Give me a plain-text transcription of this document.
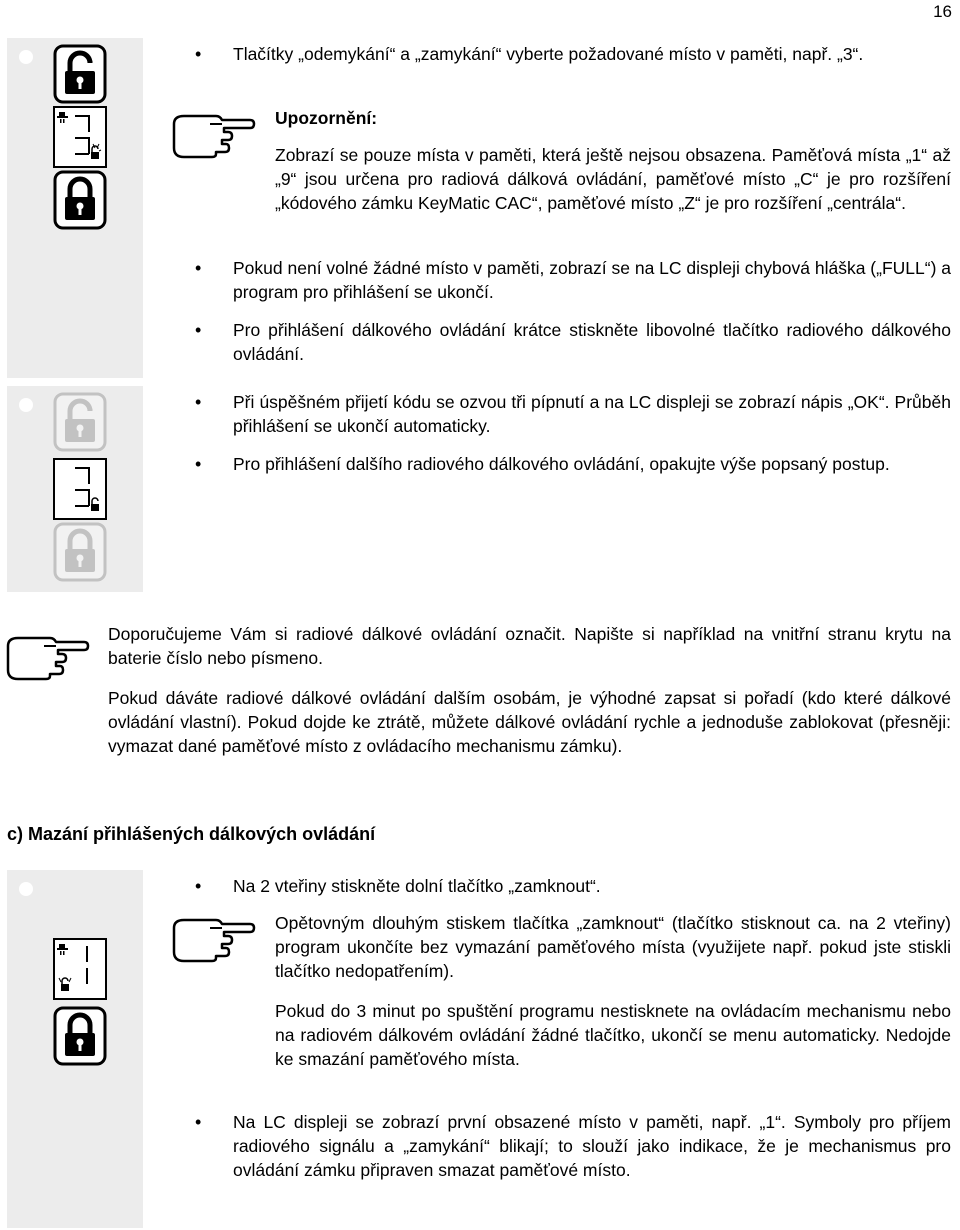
16
• Tlačítky „odemykání“ a „zamykání“ vyberte požadované místo v paměti, např. „3“.
Upozornění:
Zobrazí se pouze místa v paměti, která ještě nejsou obsazena. Paměťová místa „1“ až „9“ jsou určena pro radiová dálková ovládání, paměťové místo „C“ je pro rozšíření „kódového zámku KeyMatic CAC“, paměťové místo „Z“ je pro rozšíření „centrála“.
• Pokud není volné žádné místo v paměti, zobrazí se na LC displeji chybová hláška („FULL“) a program pro přihlášení se ukončí.
• Pro přihlášení dálkového ovládání krátce stiskněte libovolné tlačítko radiového dálkového ovládání.
• Při úspěšném přijetí kódu se ozvou tři pípnutí a na LC displeji se zobrazí nápis „OK“. Průběh přihlášení se ukončí automaticky.
• Pro přihlášení dalšího radiového dálkového ovládání, opakujte výše popsaný postup.
Doporučujeme Vám si radiové dálkové ovládání označit. Napište si například na vnitřní stranu krytu na baterie číslo nebo písmeno.
Pokud dáváte radiové dálkové ovládání dalším osobám, je výhodné zapsat si pořadí (kdo které dálkové ovládání vlastní). Pokud dojde ke ztrátě, můžete dálkové ovládání rychle a jednoduše zablokovat (přesněji: vymazat dané paměťové místo z ovládacího mechanismu zámku).
c) Mazání přihlášených dálkových ovládání
• Na 2 vteřiny stiskněte dolní tlačítko „zamknout“.
Opětovným dlouhým stiskem tlačítka „zamknout“ (tlačítko stisknout ca. na 2 vteřiny) program ukončíte bez vymazání paměťového místa (využijete např. pokud jste stiskli tlačítko nedopatřením).
Pokud do 3 minut po spuštění programu nestisknete na ovládacím mechanismu nebo na radiovém dálkovém ovládání žádné tlačítko, ukončí se menu automaticky. Nedojde ke smazání paměťového místa.
• Na LC displeji se zobrazí první obsazené místo v paměti, např. „1“. Symboly pro příjem radiového signálu a „zamykání“ blikají; to slouží jako indikace, že je mechanismus pro ovládání zámku připraven smazat paměťové místo.
